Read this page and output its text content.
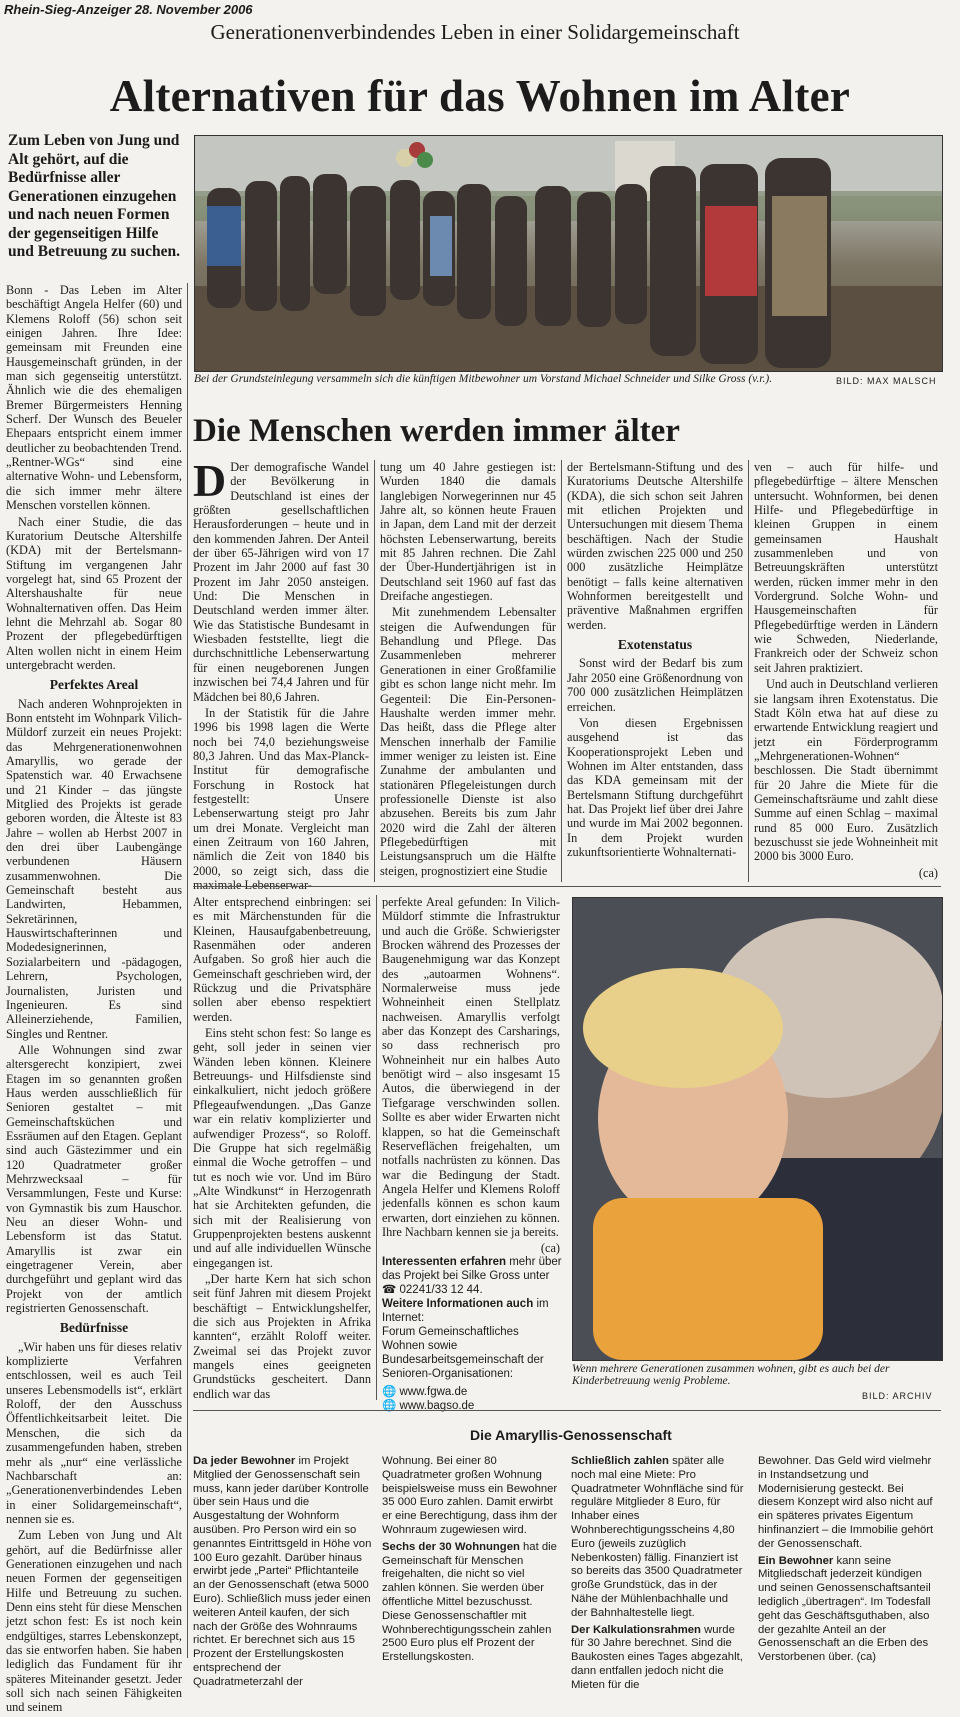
Rhein-Sieg-Anzeiger 28. November 2006
Generationenverbindendes Leben in einer Solidargemeinschaft
Alternativen für das Wohnen im Alter
Zum Leben von Jung und Alt gehört, auf die Bedürfnisse aller Generationen einzugehen und nach neuen Formen der gegenseitigen Hilfe und Betreuung zu suchen.
Bei der Grundsteinlegung versammeln sich die künftigen Mitbewohner um Vorstand Michael Schneider und Silke Gross (v.r.).	BILD: MAX MALSCH

Bonn - Das Leben im Alter beschäftigt Angela Helfer (60) und Klemens Roloff (56) schon seit einigen Jahren. Ihre Idee: gemeinsam mit Freunden eine Hausgemeinschaft gründen, in der man sich gegenseitig unterstützt. Ähnlich wie die des ehemaligen Bremer Bürgermeisters Henning Scherf. Der Wunsch des Beueler Ehepaars entspricht einem immer deutlicher zu beobachtenden Trend. „Rentner-WGs“ sind eine alternative Wohn- und Lebensform, die sich immer mehr ältere Menschen vorstellen können.

Nach einer Studie, die das Kuratorium Deutsche Altershilfe (KDA) mit der Bertelsmann-Stiftung im vergangenen Jahr vorgelegt hat, sind 65 Prozent der Altershaushalte für neue Wohnalternativen offen. Das Heim lehnt die Mehrzahl ab. Sogar 80 Prozent der pflegebedürftigen Alten wollen nicht in einem Heim untergebracht werden.

Perfektes Areal

Nach anderen Wohnprojekten in Bonn entsteht im Wohnpark Vilich-Müldorf zurzeit ein neues Projekt: das Mehrgenerationenwohnen Amaryllis, wo gerade der Spatenstich war. 40 Erwachsene und 21 Kinder – das jüngste Mitglied des Projekts ist gerade geboren worden, die Älteste ist 83 Jahre – wollen ab Herbst 2007 in den drei über Laubengänge verbundenen Häusern zusammenwohnen. Die Gemeinschaft besteht aus Landwirten, Hebammen, Sekretärinnen, Hauswirtschafterinnen und Modedesignerinnen, Sozialarbeitern und -pädagogen, Lehrern, Psychologen, Journalisten, Juristen und Ingenieuren. Es sind Alleinerziehende, Familien, Singles und Rentner.

Alle Wohnungen sind zwar altersgerecht konzipiert, zwei Etagen im so genannten großen Haus werden ausschließlich für Senioren gestaltet – mit Gemeinschaftsküchen und Essräumen auf den Etagen. Geplant sind auch Gästezimmer und ein 120 Quadratmeter großer Mehrzwecksaal – für Versammlungen, Feste und Kurse: von Gymnastik bis zum Hauschor. Neu an dieser Wohn- und Lebensform ist das Statut. Amaryllis ist zwar ein eingetragener Verein, aber durchgeführt und geplant wird das Projekt von der amtlich registrierten Genossenschaft.

Bedürfnisse

„Wir haben uns für dieses relativ komplizierte Verfahren entschlossen, weil es auch Teil unseres Lebensmodells ist“, erklärt Roloff, der den Ausschuss Öffentlichkeitsarbeit leitet. Die Menschen, die sich da zusammengefunden haben, streben mehr als „nur“ eine verlässliche Nachbarschaft an: „Generationenverbindendes Leben in einer Solidargemeinschaft“, nennen sie es.

Zum Leben von Jung und Alt gehört, auf die Bedürfnisse aller Generationen einzugehen und nach neuen Formen der gegenseitigen Hilfe und Betreuung zu suchen. Denn eins steht für diese Menschen jetzt schon fest: Es ist noch kein endgültiges, starres Lebenskonzept, das sie entworfen haben. Sie haben lediglich das Fundament für ihr späteres Miteinander gesetzt. Jeder soll sich nach seinen Fähigkeiten und seinem

Die Menschen werden immer älter

D Der demografische Wandel der Bevölkerung in Deutschland ist eines der größten gesellschaftlichen Herausforderungen – heute und in den kommenden Jahren. Der Anteil der über 65-Jährigen wird von 17 Prozent im Jahr 2000 auf fast 30 Prozent im Jahr 2050 ansteigen. Und: Die Menschen in Deutschland werden immer älter. Wie das Statistische Bundesamt in Wiesbaden feststellte, liegt die durchschnittliche Lebenserwartung für einen neugeborenen Jungen inzwischen bei 74,4 Jahren und für Mädchen bei 80,6 Jahren.

In der Statistik für die Jahre 1996 bis 1998 lagen die Werte noch bei 74,0 beziehungsweise 80,3 Jahren. Und das Max-Planck-Institut für demografische Forschung in Rostock hat festgestellt: Unsere Lebenserwartung steigt pro Jahr um drei Monate. Vergleicht man einen Zeitraum von 160 Jahren, nämlich die Zeit von 1840 bis 2000, so zeigt sich, dass die maximale Lebenserwar-

tung um 40 Jahre gestiegen ist: Wurden 1840 die damals langlebigen Norwegerinnen nur 45 Jahre alt, so können heute Frauen in Japan, dem Land mit der derzeit höchsten Lebenserwartung, bereits mit 85 Jahren rechnen. Die Zahl der Über-Hundertjährigen ist in Deutschland seit 1960 auf fast das Dreifache angestiegen.

Mit zunehmendem Lebensalter steigen die Aufwendungen für Behandlung und Pflege. Das Zusammenleben mehrerer Generationen in einer Großfamilie gibt es schon lange nicht mehr. Im Gegenteil: Die Ein-Personen-Haushalte werden immer mehr. Das heißt, dass die Pflege alter Menschen innerhalb der Familie immer weniger zu leisten ist. Eine Zunahme der ambulanten und stationären Pflegeleistungen durch professionelle Dienste ist also abzusehen. Bereits bis zum Jahr 2020 wird die Zahl der älteren Pflegebedürftigen mit Leistungsanspruch um die Hälfte steigen, prognostiziert eine Studie

der Bertelsmann-Stiftung und des Kuratoriums Deutsche Altershilfe (KDA), die sich schon seit Jahren mit etlichen Projekten und Untersuchungen mit diesem Thema beschäftigen. Nach der Studie würden zwischen 225 000 und 250 000 zusätzliche Heimplätze benötigt – falls keine alternativen Wohnformen bereitgestellt und präventive Maßnahmen ergriffen werden.

Exotenstatus

Sonst wird der Bedarf bis zum Jahr 2050 eine Größenordnung von 700 000 zusätzlichen Heimplätzen erreichen.

Von diesen Ergebnissen ausgehend ist das Kooperationsprojekt Leben und Wohnen im Alter entstanden, dass das KDA gemeinsam mit der Bertelsmann Stiftung durchgeführt hat. Das Projekt lief über drei Jahre und wurde im Mai 2002 begonnen. In dem Projekt wurden zukunftsorientierte Wohnalternati-

ven – auch für hilfe- und pflegebedürftige – ältere Menschen untersucht. Wohnformen, bei denen Hilfe- und Pflegebedürftige in kleinen Gruppen in einem gemeinsamen Haushalt zusammenleben und von Betreuungskräften unterstützt werden, rücken immer mehr in den Vordergrund. Solche Wohn- und Hausgemeinschaften für Pflegebedürftige werden in Ländern wie Schweden, Niederlande, Frankreich oder der Schweiz schon seit Jahren praktiziert.

Und auch in Deutschland verlieren sie langsam ihren Exotenstatus. Die Stadt Köln etwa hat auf diese zu erwartende Entwicklung reagiert und jetzt ein Förderprogramm „Mehrgenerationen-Wohnen“ beschlossen. Die Stadt übernimmt für 20 Jahre die Miete für die Gemeinschaftsräume und zahlt diese Summe auf einen Schlag – maximal rund 85 000 Euro. Zusätzlich bezuschusst sie jede Wohneinheit mit 2000 bis 3000 Euro.

(ca)

Alter entsprechend einbringen: sei es mit Märchenstunden für die Kleinen, Hausaufgabenbetreuung, Rasenmähen oder anderen Aufgaben. So groß hier auch die Gemeinschaft geschrieben wird, der Rückzug und die Privatsphäre sollen aber ebenso respektiert werden.

Eins steht schon fest: So lange es geht, soll jeder in seinen vier Wänden leben können. Kleinere Betreuungs- und Hilfsdienste sind einkalkuliert, nicht jedoch größere Pflegeaufwendungen. „Das Ganze war ein relativ komplizierter und aufwendiger Prozess“, so Roloff. Die Gruppe hat sich regelmäßig einmal die Woche getroffen – und tut es noch wie vor. Und im Büro „Alte Windkunst“ in Herzogenrath hat sie Architekten gefunden, die sich mit der Realisierung von Gruppenprojekten bestens auskennt und auf alle individuellen Wünsche eingegangen ist.

„Der harte Kern hat sich schon seit fünf Jahren mit diesem Projekt beschäftigt – Entwicklungshelfer, die sich aus Projekten in Afrika kannten“, erzählt Roloff weiter. Zweimal sei das Projekt zuvor mangels eines geeigneten Grundstücks gescheitert. Dann endlich war das

perfekte Areal gefunden: In Vilich-Müldorf stimmte die Infrastruktur und auch die Größe. Schwierigster Brocken während des Prozesses der Baugenehmigung war das Konzept des „autoarmen Wohnens“. Normalerweise muss jede Wohneinheit einen Stellplatz nachweisen. Amaryllis verfolgt aber das Konzept des Carsharings, so dass rechnerisch pro Wohneinheit nur ein halbes Auto benötigt wird – also insgesamt 15 Autos, die überwiegend in der Tiefgarage verschwinden sollen. Sollte es aber wider Erwarten nicht klappen, so hat die Gemeinschaft Reserveflächen freigehalten, um notfalls nachrüsten zu können. Das war die Bedingung der Stadt. Angela Helfer und Klemens Roloff jedenfalls können es schon kaum erwarten, dort einziehen zu können. Ihre Nachbarn kennen sie ja bereits.

(ca)
Interessenten erfahren mehr über das Projekt bei Silke Gross unter
☎ 02241/33 12 44.
Weitere Informationen auch im Internet:
Forum Gemeinschaftliches Wohnen sowie Bundesarbeitsgemeinschaft der Senioren-Organisationen:
🌐 www.fgwa.de
🌐 www.bagso.de
Wenn mehrere Generationen zusammen wohnen, gibt es auch bei der Kinderbetreuung wenig Probleme.
BILD: ARCHIV
Die Amaryllis-Genossenschaft

Da jeder Bewohner im Projekt Mitglied der Genossenschaft sein muss, kann jeder darüber Kontrolle über sein Haus und die Ausgestaltung der Wohnform ausüben. Pro Person wird ein so genanntes Eintrittsgeld in Höhe von 100 Euro gezahlt. Darüber hinaus erwirbt jede „Partei“ Pflichtanteile an der Genossenschaft (etwa 5000 Euro). Schließlich muss jeder einen weiteren Anteil kaufen, der sich nach der Größe des Wohnraums richtet. Er berechnet sich aus 15 Prozent der Erstellungskosten entsprechend der Quadratmeterzahl der

Wohnung. Bei einer 80 Quadratmeter großen Wohnung beispielsweise muss ein Bewohner 35 000 Euro zahlen. Damit erwirbt er eine Berechtigung, dass ihm der Wohnraum zugewiesen wird.

Sechs der 30 Wohnungen hat die Gemeinschaft für Menschen freigehalten, die nicht so viel zahlen können. Sie werden über öffentliche Mittel bezuschusst. Diese Genossenschaftler mit Wohnberechtigungsschein zahlen 2500 Euro plus elf Prozent der Erstellungskosten.

Schließlich zahlen später alle noch mal eine Miete: Pro Quadratmeter Wohnfläche sind für reguläre Mitglieder 8 Euro, für Inhaber eines Wohnberechtigungsscheins 4,80 Euro (jeweils zuzüglich Nebenkosten) fällig. Finanziert ist so bereits das 3500 Quadratmeter große Grundstück, das in der Nähe der Mühlenbachhalle und der Bahnhaltestelle liegt.

Der Kalkulationsrahmen wurde für 30 Jahre berechnet. Sind die Baukosten eines Tages abgezahlt, dann entfallen jedoch nicht die Mieten für die

Bewohner. Das Geld wird vielmehr in Instandsetzung und Modernisierung gesteckt. Bei diesem Konzept wird also nicht auf ein späteres privates Eigentum hinfinanziert – die Immobilie gehört der Genossenschaft.

Ein Bewohner kann seine Mitgliedschaft jederzeit kündigen und seinen Genossenschaftsanteil lediglich „übertragen“. Im Todesfall geht das Geschäftsguthaben, also der gezahlte Anteil an der Genossenschaft an die Erben des Verstorbenen über. (ca)
